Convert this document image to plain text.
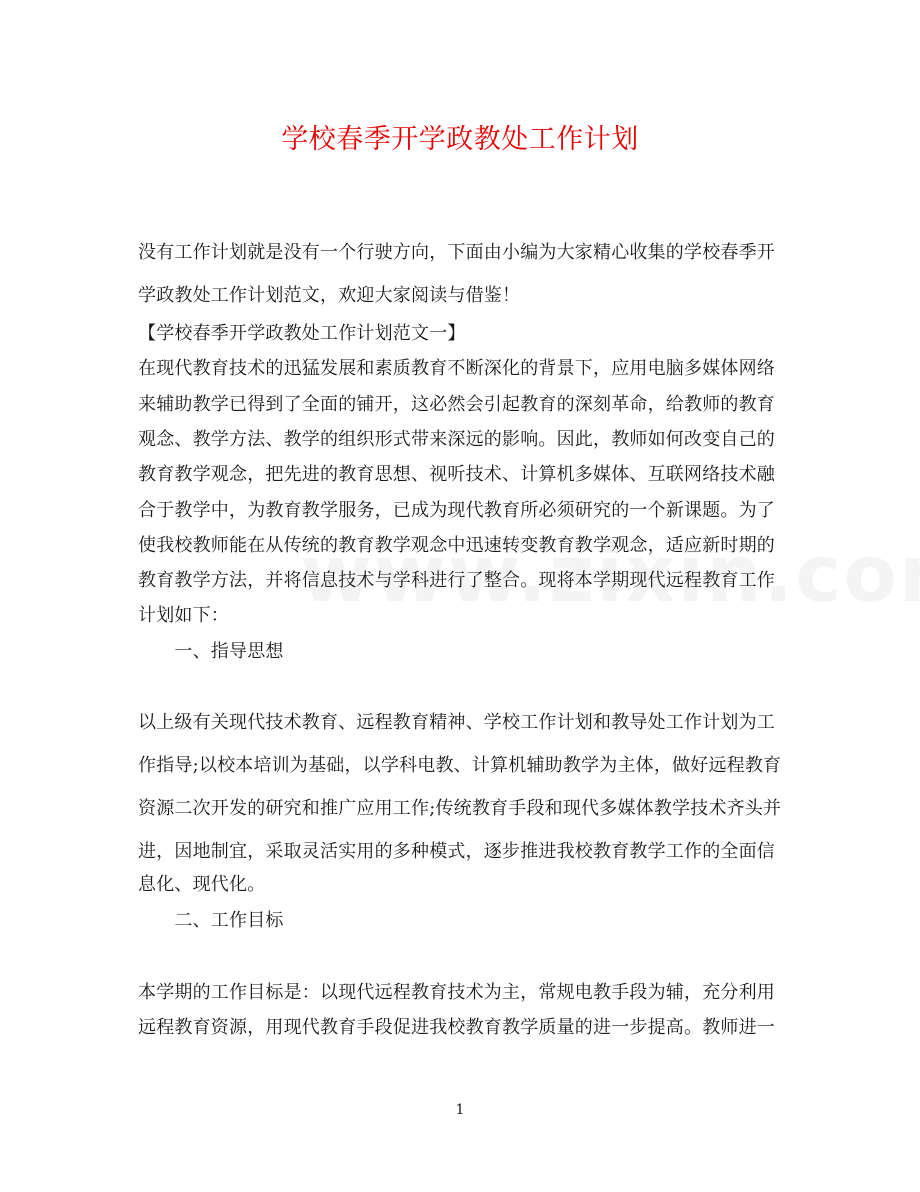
学校春季开学政教处工作计划
没有工作计划就是没有一个行驶方向，下面由小编为大家精心收集的学校春季开
学政教处工作计划范文，欢迎大家阅读与借鉴！
【学校春季开学政教处工作计划范文一】
在现代教育技术的迅猛发展和素质教育不断深化的背景下，应用电脑多媒体网络
来辅助教学已得到了全面的铺开，这必然会引起教育的深刻革命，给教师的教育
观念、教学方法、教学的组织形式带来深远的影响。因此，教师如何改变自己的
教育教学观念，把先进的教育思想、视听技术、计算机多媒体、互联网络技术融
合于教学中，为教育教学服务，已成为现代教育所必须研究的一个新课题。为了
使我校教师能在从传统的教育教学观念中迅速转变教育教学观念，适应新时期的
教育教学方法，并将信息技术与学科进行了整合。现将本学期现代远程教育工作
计划如下：
　　一、指导思想
以上级有关现代技术教育、远程教育精神、学校工作计划和教导处工作计划为工
作指导;以校本培训为基础，以学科电教、计算机辅助教学为主体，做好远程教育
资源二次开发的研究和推广应用工作;传统教育手段和现代多媒体教学技术齐头并
进，因地制宜，采取灵活实用的多种模式，逐步推进我校教育教学工作的全面信
息化、现代化。
　　二、工作目标
本学期的工作目标是：以现代远程教育技术为主，常规电教手段为辅，充分利用
远程教育资源，用现代教育手段促进我校教育教学质量的进一步提高。教师进一
1
